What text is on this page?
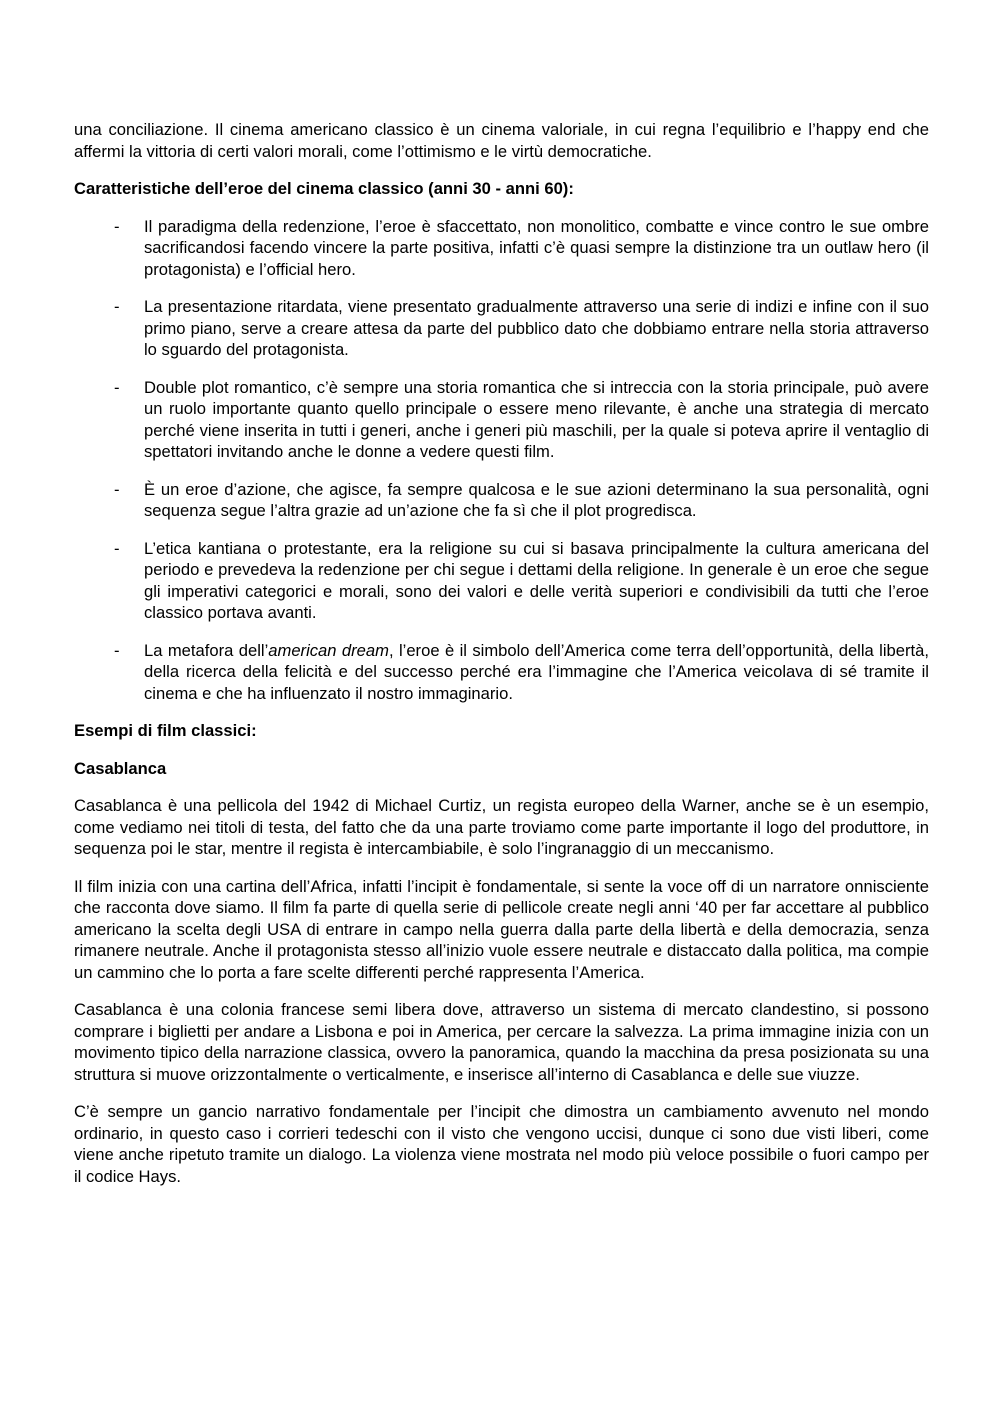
una conciliazione. Il cinema americano classico è un cinema valoriale, in cui regna l’equilibrio e l’happy end che affermi la vittoria di certi valori morali, come l’ottimismo e le virtù democratiche.

Caratteristiche dell’eroe del cinema classico (anni 30 - anni 60):
- Il paradigma della redenzione, l’eroe è sfaccettato, non monolitico, combatte e vince contro le sue ombre sacrificandosi facendo vincere la parte positiva, infatti c’è quasi sempre la distinzione tra un outlaw hero (il protagonista) e l’official hero.
- La presentazione ritardata, viene presentato gradualmente attraverso una serie di indizi e infine con il suo primo piano, serve a creare attesa da parte del pubblico dato che dobbiamo entrare nella storia attraverso lo sguardo del protagonista.
- Double plot romantico, c’è sempre una storia romantica che si intreccia con la storia principale, può avere un ruolo importante quanto quello principale o essere meno rilevante, è anche una strategia di mercato perché viene inserita in tutti i generi, anche i generi più maschili, per la quale si poteva aprire il ventaglio di spettatori invitando anche le donne a vedere questi film.
- È un eroe d’azione, che agisce, fa sempre qualcosa e le sue azioni determinano la sua personalità, ogni sequenza segue l’altra grazie ad un’azione che fa sì che il plot progredisca.
- L’etica kantiana o protestante, era la religione su cui si basava principalmente la cultura americana del periodo e prevedeva la redenzione per chi segue i dettami della religione. In generale è un eroe che segue gli imperativi categorici e morali, sono dei valori e delle verità superiori e condivisibili da tutti che l’eroe classico portava avanti.
- La metafora dell’american dream, l’eroe è il simbolo dell’America come terra dell’opportunità, della libertà, della ricerca della felicità e del successo perché era l’immagine che l’America veicolava di sé tramite il cinema e che ha influenzato il nostro immaginario.
Esempi di film classici:
Casablanca

Casablanca è una pellicola del 1942 di Michael Curtiz, un regista europeo della Warner, anche se è un esempio, come vediamo nei titoli di testa, del fatto che da una parte troviamo come parte importante il logo del produttore, in sequenza poi le star, mentre il regista è intercambiabile, è solo l’ingranaggio di un meccanismo.

Il film inizia con una cartina dell’Africa, infatti l’incipit è fondamentale, si sente la voce off di un narratore onnisciente che racconta dove siamo. Il film fa parte di quella serie di pellicole create negli anni ‘40 per far accettare al pubblico americano la scelta degli USA di entrare in campo nella guerra dalla parte della libertà e della democrazia, senza rimanere neutrale. Anche il protagonista stesso all’inizio vuole essere neutrale e distaccato dalla politica, ma compie un cammino che lo porta a fare scelte differenti perché rappresenta l’America.

Casablanca è una colonia francese semi libera dove, attraverso un sistema di mercato clandestino, si possono comprare i biglietti per andare a Lisbona e poi in America, per cercare la salvezza. La prima immagine inizia con un movimento tipico della narrazione classica, ovvero la panoramica, quando la macchina da presa posizionata su una struttura si muove orizzontalmente o verticalmente, e inserisce all’interno di Casablanca e delle sue viuzze.

C’è sempre un gancio narrativo fondamentale per l’incipit che dimostra un cambiamento avvenuto nel mondo ordinario, in questo caso i corrieri tedeschi con il visto che vengono uccisi, dunque ci sono due visti liberi, come viene anche ripetuto tramite un dialogo. La violenza viene mostrata nel modo più veloce possibile o fuori campo per il codice Hays.
